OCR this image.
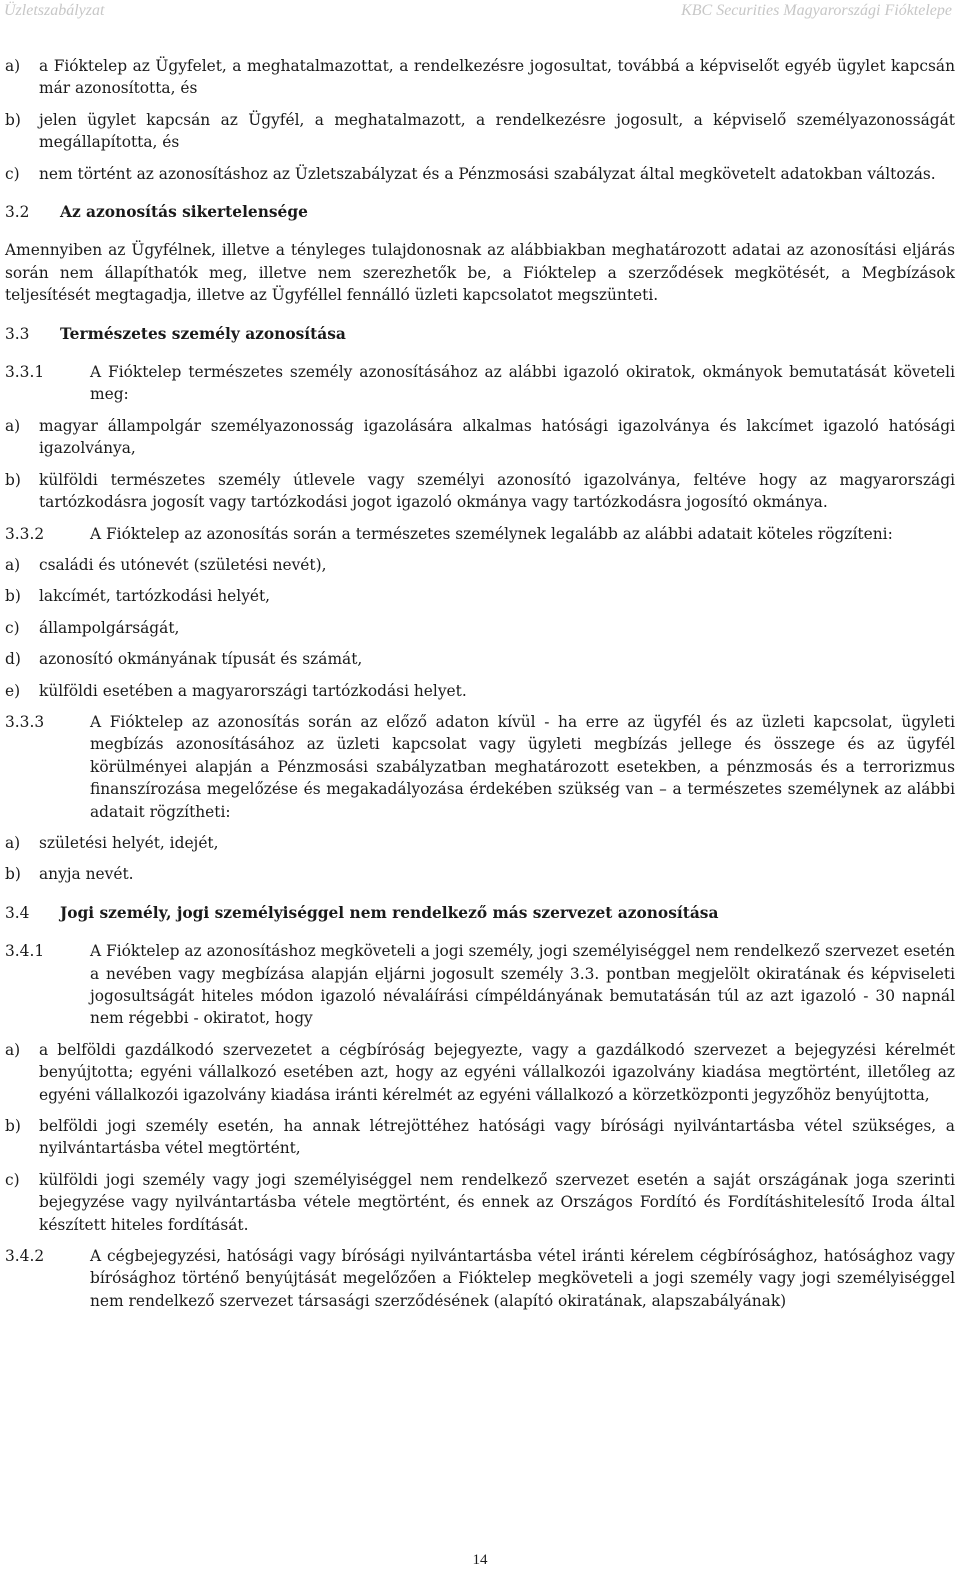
Üzletszabályzat	KBC Securities Magyarországi Fióktelepe
a)	a Fióktelep az Ügyfelet, a meghatalmazottat, a rendelkezésre jogosultat, továbbá a képviselőt egyéb ügylet kapcsán már azonosította, és
b)	jelen ügylet kapcsán az Ügyfél, a meghatalmazott, a rendelkezésre jogosult, a képviselő személyazonosságát megállapította, és
c)	nem történt az azonosításhoz az Üzletszabályzat és a Pénzmosási szabályzat által megkövetelt adatokban változás.
3.2	Az azonosítás sikertelensége
Amennyiben az Ügyfélnek, illetve a tényleges tulajdonosnak az alábbiakban meghatározott adatai az azonosítási eljárás során nem állapíthatók meg, illetve nem szerezhetők be, a Fióktelep a szerződések megkötését, a Megbízások teljesítését megtagadja, illetve az Ügyféllel fennálló üzleti kapcsolatot megszünteti.
3.3	Természetes személy azonosítása
3.3.1	A Fióktelep természetes személy azonosításához az alábbi igazoló okiratok, okmányok bemutatását követeli meg:
a)	magyar állampolgár személyazonosság igazolására alkalmas hatósági igazolványa és lakcímet igazoló hatósági igazolványa,
b)	külföldi természetes személy útlevele vagy személyi azonosító igazolványa, feltéve hogy az magyarországi tartózkodásra jogosít vagy tartózkodási jogot igazoló okmánya vagy tartózkodásra jogosító okmánya.
3.3.2	A Fióktelep az azonosítás során a természetes személynek legalább az alábbi adatait köteles rögzíteni:
a)	családi és utónevét (születési nevét),
b)	lakcímét, tartózkodási helyét,
c)	állampolgárságát,
d)	azonosító okmányának típusát és számát,
e)	külföldi esetében a magyarországi tartózkodási helyet.
3.3.3	A Fióktelep az azonosítás során az előző adaton kívül - ha erre az ügyfél és az üzleti kapcsolat, ügyleti megbízás azonosításához az üzleti kapcsolat vagy ügyleti megbízás jellege és összege és az ügyfél körülményei alapján a Pénzmosási szabályzatban meghatározott esetekben, a pénzmosás és a terrorizmus finanszírozása megelőzése és megakadályozása érdekében szükség van – a természetes személynek az alábbi adatait rögzítheti:
a)	születési helyét, idejét,
b)	anyja nevét.
3.4	Jogi személy, jogi személyiséggel nem rendelkező más szervezet azonosítása
3.4.1	A Fióktelep az azonosításhoz megköveteli a jogi személy, jogi személyiséggel nem rendelkező szervezet esetén a nevében vagy megbízása alapján eljárni jogosult személy 3.3. pontban megjelölt okiratának és képviseleti jogosultságát hiteles módon igazoló névaláírási címpéldányának bemutatásán túl az azt igazoló - 30 napnál nem régebbi - okiratot, hogy
a)	a belföldi gazdálkodó szervezetet a cégbíróság bejegyezte, vagy a gazdálkodó szervezet a bejegyzési kérelmét benyújtotta; egyéni vállalkozó esetében azt, hogy az egyéni vállalkozói igazolvány kiadása megtörtént, illetőleg az egyéni vállalkozói igazolvány kiadása iránti kérelmét az egyéni vállalkozó a körzetközponti jegyzőhöz benyújtotta,
b)	belföldi jogi személy esetén, ha annak létrejöttéhez hatósági vagy bírósági nyilvántartásba vétel szükséges, a nyilvántartásba vétel megtörtént,
c)	külföldi jogi személy vagy jogi személyiséggel nem rendelkező szervezet esetén a saját országának joga szerinti bejegyzése vagy nyilvántartásba vétele megtörtént, és ennek az Országos Fordító és Fordításhitelesítő Iroda által készített hiteles fordítását.
3.4.2	A cégbejegyzési, hatósági vagy bírósági nyilvántartásba vétel iránti kérelem cégbírósághoz, hatósághoz vagy bírósághoz történő benyújtását megelőzően a Fióktelep megköveteli a jogi személy vagy jogi személyiséggel nem rendelkező szervezet társasági szerződésének (alapító okiratának, alapszabályának)
14
